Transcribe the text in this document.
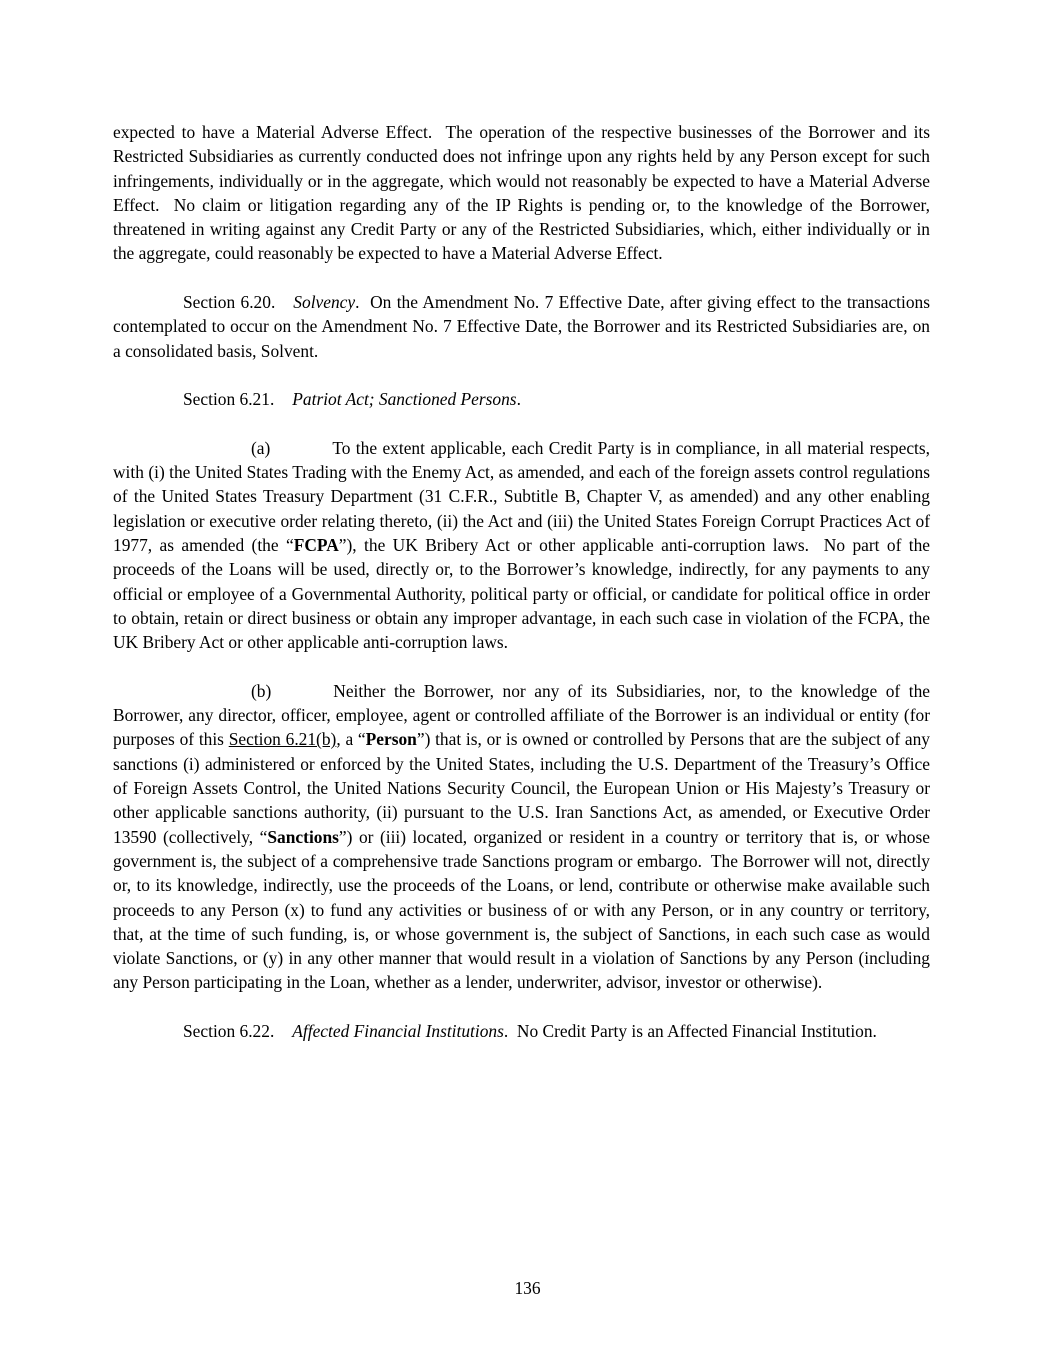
expected to have a Material Adverse Effect.  The operation of the respective businesses of the Borrower and its Restricted Subsidiaries as currently conducted does not infringe upon any rights held by any Person except for such infringements, individually or in the aggregate, which would not reasonably be expected to have a Material Adverse Effect.  No claim or litigation regarding any of the IP Rights is pending or, to the knowledge of the Borrower, threatened in writing against any Credit Party or any of the Restricted Subsidiaries, which, either individually or in the aggregate, could reasonably be expected to have a Material Adverse Effect.

Section 6.20. Solvency.  On the Amendment No. 7 Effective Date, after giving effect to the transactions contemplated to occur on the Amendment No. 7 Effective Date, the Borrower and its Restricted Subsidiaries are, on a consolidated basis, Solvent.

Section 6.21. Patriot Act; Sanctioned Persons.

(a)	To the extent applicable, each Credit Party is in compliance, in all material respects, with (i) the United States Trading with the Enemy Act, as amended, and each of the foreign assets control regulations of the United States Treasury Department (31 C.F.R., Subtitle B, Chapter V, as amended) and any other enabling legislation or executive order relating thereto, (ii) the Act and (iii) the United States Foreign Corrupt Practices Act of 1977, as amended (the “FCPA”), the UK Bribery Act or other applicable anti-corruption laws.  No part of the proceeds of the Loans will be used, directly or, to the Borrower’s knowledge, indirectly, for any payments to any official or employee of a Governmental Authority, political party or official, or candidate for political office in order to obtain, retain or direct business or obtain any improper advantage, in each such case in violation of the FCPA, the UK Bribery Act or other applicable anti-corruption laws.

(b)	Neither the Borrower, nor any of its Subsidiaries, nor, to the knowledge of the Borrower, any director, officer, employee, agent or controlled affiliate of the Borrower is an individual or entity (for purposes of this Section 6.21(b), a “Person”) that is, or is owned or controlled by Persons that are the subject of any sanctions (i) administered or enforced by the United States, including the U.S. Department of the Treasury’s Office of Foreign Assets Control, the United Nations Security Council, the European Union or His Majesty’s Treasury or other applicable sanctions authority, (ii) pursuant to the U.S. Iran Sanctions Act, as amended, or Executive Order 13590 (collectively, “Sanctions”) or (iii) located, organized or resident in a country or territory that is, or whose government is, the subject of a comprehensive trade Sanctions program or embargo.  The Borrower will not, directly or, to its knowledge, indirectly, use the proceeds of the Loans, or lend, contribute or otherwise make available such proceeds to any Person (x) to fund any activities or business of or with any Person, or in any country or territory, that, at the time of such funding, is, or whose government is, the subject of Sanctions, in each such case as would violate Sanctions, or (y) in any other manner that would result in a violation of Sanctions by any Person (including any Person participating in the Loan, whether as a lender, underwriter, advisor, investor or otherwise).

Section 6.22. Affected Financial Institutions.  No Credit Party is an Affected Financial Institution.

136
